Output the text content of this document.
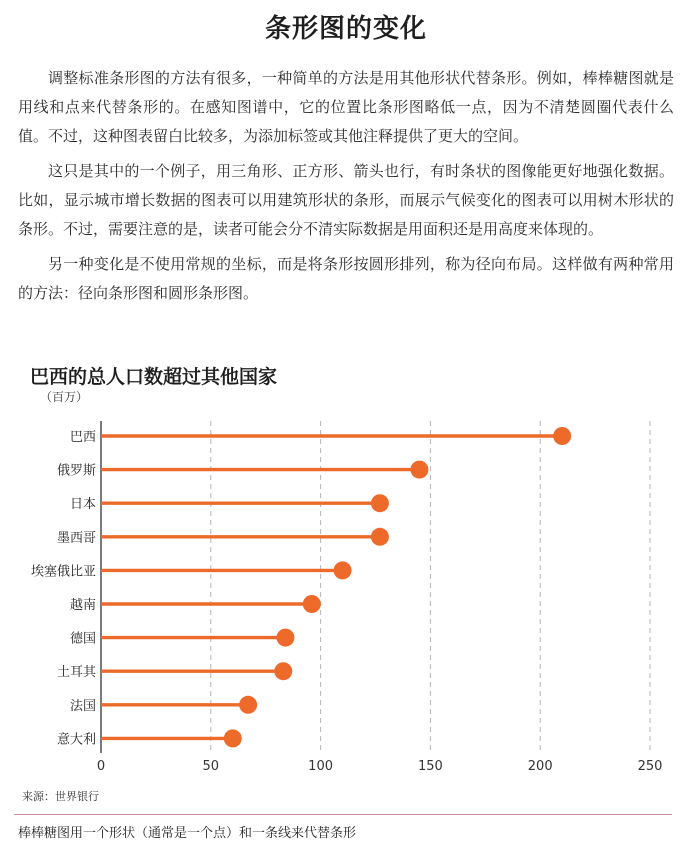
条形图的变化

调整标准条形图的方法有很多，一种简单的方法是用其他形状代替条形。例如，棒棒糖图就是用线和点来代替条形的。在感知图谱中，它的位置比条形图略低一点，因为不清楚圆圈代表什么值。不过，这种图表留白比较多，为添加标签或其他注释提供了更大的空间。

这只是其中的一个例子，用三角形、正方形、箭头也行，有时条状的图像能更好地强化数据。比如，显示城市增长数据的图表可以用建筑形状的条形，而展示气候变化的图表可以用树木形状的条形。不过，需要注意的是，读者可能会分不清实际数据是用面积还是用高度来体现的。

另一种变化是不使用常规的坐标，而是将条形按圆形排列，称为径向布局。这样做有两种常用的方法：径向条形图和圆形条形图。

巴西的总人口数超过其他国家
（百万）
0	50	100	150	200	250
巴西
俄罗斯
日本
墨西哥
埃塞俄比亚
越南
德国
土耳其
法国
意大利
来源：世界银行
棒棒糖图用一个形状（通常是一个点）和一条线来代替条形
